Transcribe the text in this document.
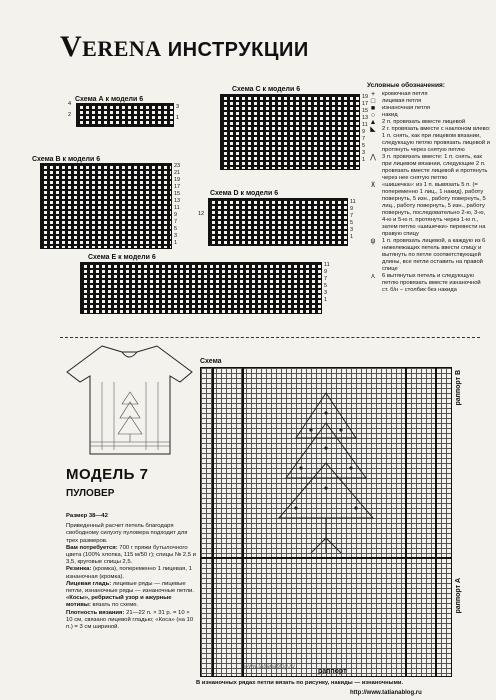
VERENA ИНСТРУКЦИИ
Схема А к модели 6
4
2
3
1
Схема С к модели 6
19
17
15
13
11
9
7
5
3
1
Схема В к модели 6
23
21
19
17
15
13
11
9
7
5
3
1
Схема D к модели 6
12
11
9
7
5
3
1
Схема Е к модели 6
11
9
7
5
3
1
Условные обозначения:
+	кромочная петля
□	лицевая петля
■	изнаночная петля
○	накид
▲ 2 п. провязать вместе лицевой
◣	2 г. провязать вместе с наклоном влево: 1 п. снять, как при лицевом вязании, следующую петлю провязать лицевой и протянуть через снятую петлю
⋀	3 п. провязать вместе: 1 п. снять, как при лицевом вязании, следующие 2 п. провязать вместе лицевой и протянуть через нее снятую петлю
⊼	«шишечка»: из 1 п. вывязать 5 п. (= попеременно 1 лиц., 1 накид), работу повернуть, 5 изн., работу повернуть, 5 лиц., работу повернуть, 5 изн., работу повернуть, последовательно 2-ю, 3-ю, 4-ю и 5-ю п. протянуть через 1-ю п., затем петлю «шишечки» перевести на правую спицу
ψ	1 п. провязать лицевой, а каждую из 6 нижележащих петель ввести спицу и вытянуть по петле соответствующей длины, все петли оставить на правой спице
⋏	6 вытянутых петель и следующую петлю провязать вместе изнаночной
ст. б/н – столбик без накида
МОДЕЛЬ 7
ПУЛОВЕР
Размер 38—42
Приведенный расчет петель благодаря свободному силуэту пуловера подходит для трех размеров.
Вам потребуется: 700 г пряжи бутылочного цвета (100% хлопка, 115 м/50 г); спицы № 2,5 и 3,5, круговые спицы 2,5.
Резинка: (кромка), попеременно 1 лицевая, 1 изнаночная (кромка).
Лицевая гладь: лицевые ряды — лицевые петли, изнаночные ряды — изнаночные петли.
«Косы», ребристый узор и ажурные мотивы: вязать по схеме.
Плотность вязания: 21—22 п. × 31 р. = 10 × 10 см, связано лицевой гладью; «Коса» (на 10 п.) = 3 см шириной.
Схема
раппорт В
раппорт А
раппорт
www.tatianablog.ru
В изнаночных рядах петли вязать по рисунку, накиды — изнаночными.
http://www.tatianablog.ru
